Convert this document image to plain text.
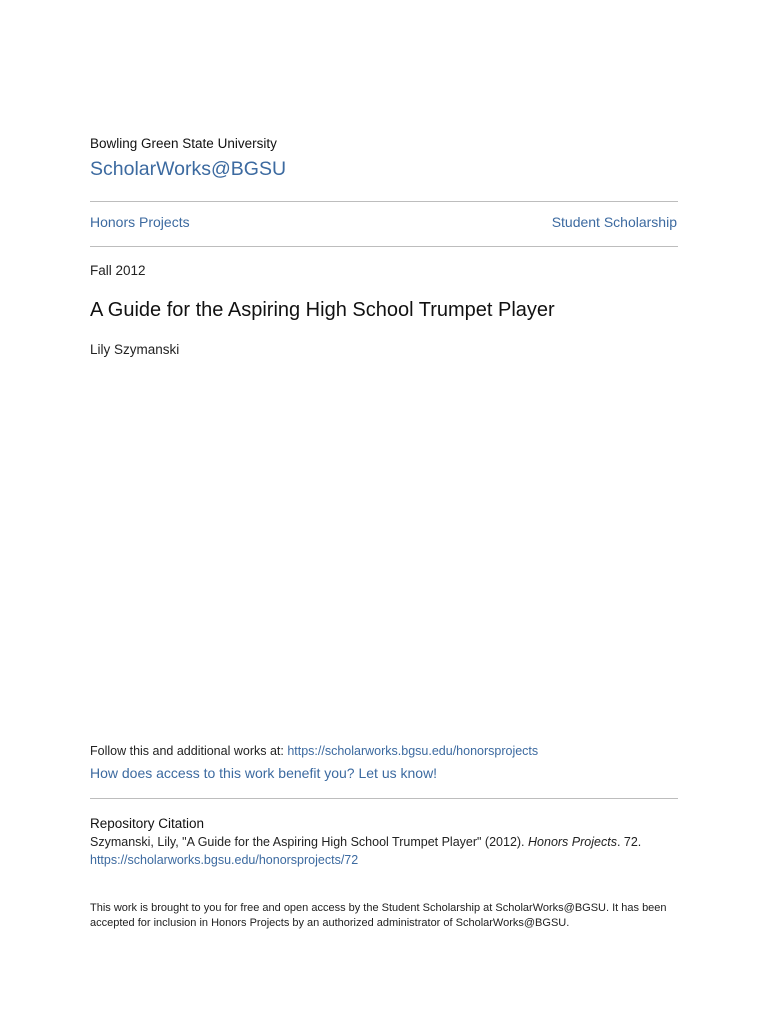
Bowling Green State University
ScholarWorks@BGSU
Honors Projects	Student Scholarship
Fall 2012
A Guide for the Aspiring High School Trumpet Player
Lily Szymanski
Follow this and additional works at: https://scholarworks.bgsu.edu/honorsprojects
How does access to this work benefit you? Let us know!
Repository Citation
Szymanski, Lily, "A Guide for the Aspiring High School Trumpet Player" (2012). Honors Projects. 72.
https://scholarworks.bgsu.edu/honorsprojects/72
This work is brought to you for free and open access by the Student Scholarship at ScholarWorks@BGSU. It has been accepted for inclusion in Honors Projects by an authorized administrator of ScholarWorks@BGSU.
